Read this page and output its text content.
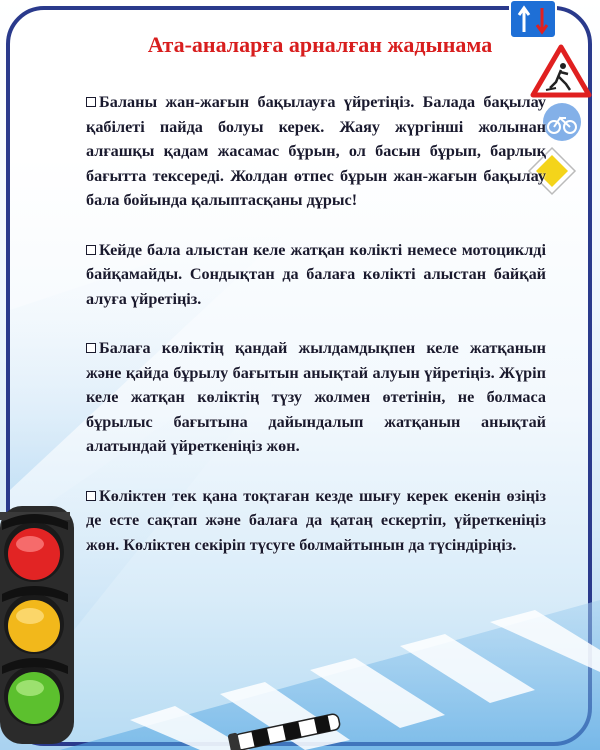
Ата-аналарға арналған жадынама

Баланы жан-жағын бақылауға үйретіңіз. Балада бақылау қабілеті пайда болуы керек. Жаяу жүргінші жолынан алғашқы қадам жасамас бұрын, ол басын бұрып, барлық бағытта тексереді. Жолдан өтпес бұрын жан-жағын бақылау бала бойында қалыптасқаны дұрыс!

Кейде бала алыстан келе жатқан көлікті немесе мотоциклді байқамайды. Сондықтан да балаға көлікті алыстан байқай алуға үйретіңіз.

Балаға көліктің қандай жылдамдықпен келе жатқанын және қайда бұрылу бағытын анықтай алуын үйретіңіз. Жүріп келе жатқан көліктің түзу жолмен өтетінін, не болмаса бұрылыс бағытына дайындалып жатқанын анықтай алатындай үйреткеніңіз жөн.

Көліктен тек қана тоқтаған кезде шығу керек екенін өзіңіз де есте сақтап және балаға да қатаң ескертіп, үйреткеніңіз жөн. Көліктен секіріп түсуге болмайтынын да түсіндіріңіз.
